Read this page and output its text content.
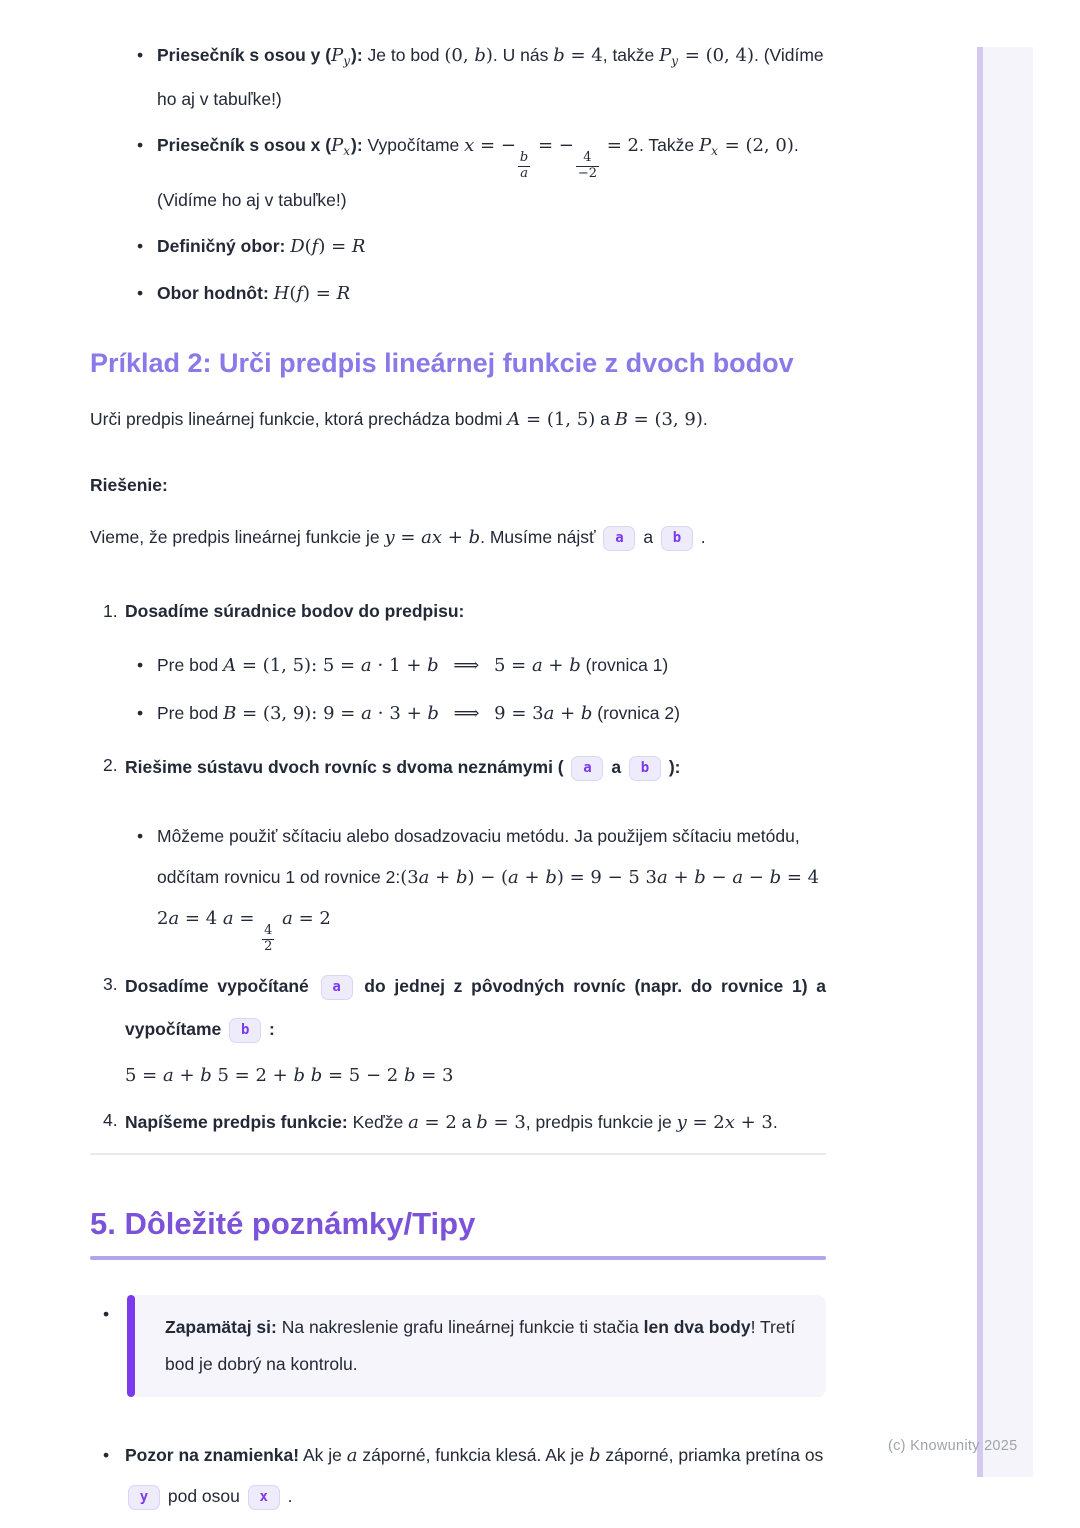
• Priesečník s osou y $(P_y)$: Je to bod (0, b). U nás b = 4, takže $P_y = (0$, 4). (Vidíme ho aj v tabuľke!)
• Priesečník s osou x $(P_x)$: Vypočítame x = −
$\frac{b}{a}$
= −
$\frac{4}{-2}$
= 2. Takže $P_x = (2$, 0). (Vidíme ho aj v tabuľke!)
• Definičný obor: D(f) = R
• Obor hodnôt: H(f) = R
Príklad 2: Urči predpis lineárnej funkcie z dvoch bodov
Urči predpis lineárnej funkcie, ktorá prechádza bodmi A = (1, 5) a B = (3, 9).
Riešenie:
Vieme, že predpis lineárnej funkcie je y = ax + b. Musíme nájsť a a b .
1. Dosadíme súradnice bodov do predpisu:
• Pre bod A = (1, 5): 5 = a ⋅ 1 + b  ⟹  5 = a + b (rovnica 1)
• Pre bod B = (3, 9): 9 = a ⋅ 3 + b  ⟹  9 = 3a + b (rovnica 2)
2. Riešime sústavu dvoch rovníc s dvoma neznámymi ( a a b ):
• Môžeme použiť sčítaciu alebo dosadzovaciu metódu. Ja použijem sčítaciu metódu, odčítam rovnicu 1 od rovnice 2:(3a + b) − (a + b) = 9 − 5 3a + b − a − b = 4 2a = 4 a =
$\frac{4}{2}$
a = 2
3. Dosadíme vypočítané a do jednej z pôvodných rovníc (napr. do rovnice 1) a vypočítame b :
5 = a + b 5 = 2 + b b = 5 − 2 b = 3
4. Napíšeme predpis funkcie: Keďže a = 2 a b = 3, predpis funkcie je y = 2x + 3.
5. Dôležité poznámky/Tipy
•
Zapamätaj si: Na nakreslenie grafu lineárnej funkcie ti stačia len dva body! Tretí bod je dobrý na kontrolu.
• Pozor na znamienka! Ak je a záporné, funkcia klesá. Ak je b záporné, priamka pretína os y pod osou x .
(c) Knowunity 2025
